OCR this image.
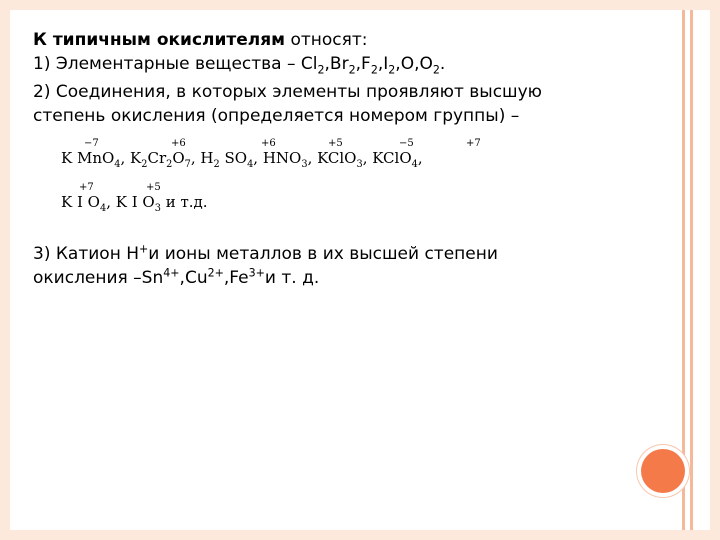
К типичным окислителям относят:
1) Элементарные вещества – $Cl_2,Br_2,F_2,I_2,O,O_2$.
2) Соединения, в которых элементы проявляют высшую
степень окисления (определяется номером группы) –
−7	+6	+6	+5	−5	+7
K MnO$_4$, $K_2Cr_2O_7$, $H_2$ $SO_4$, $HNO_3$, KClO$_3$, KClO$_4$,
+7	+5
K I $O_4$, K I $O_3$ и т.д.
3) Катион H+и ионы металлов в их высшей степени
окисления $-Sn^{4+},Cu^{2+},Fe^{3+}и$ т. д.
